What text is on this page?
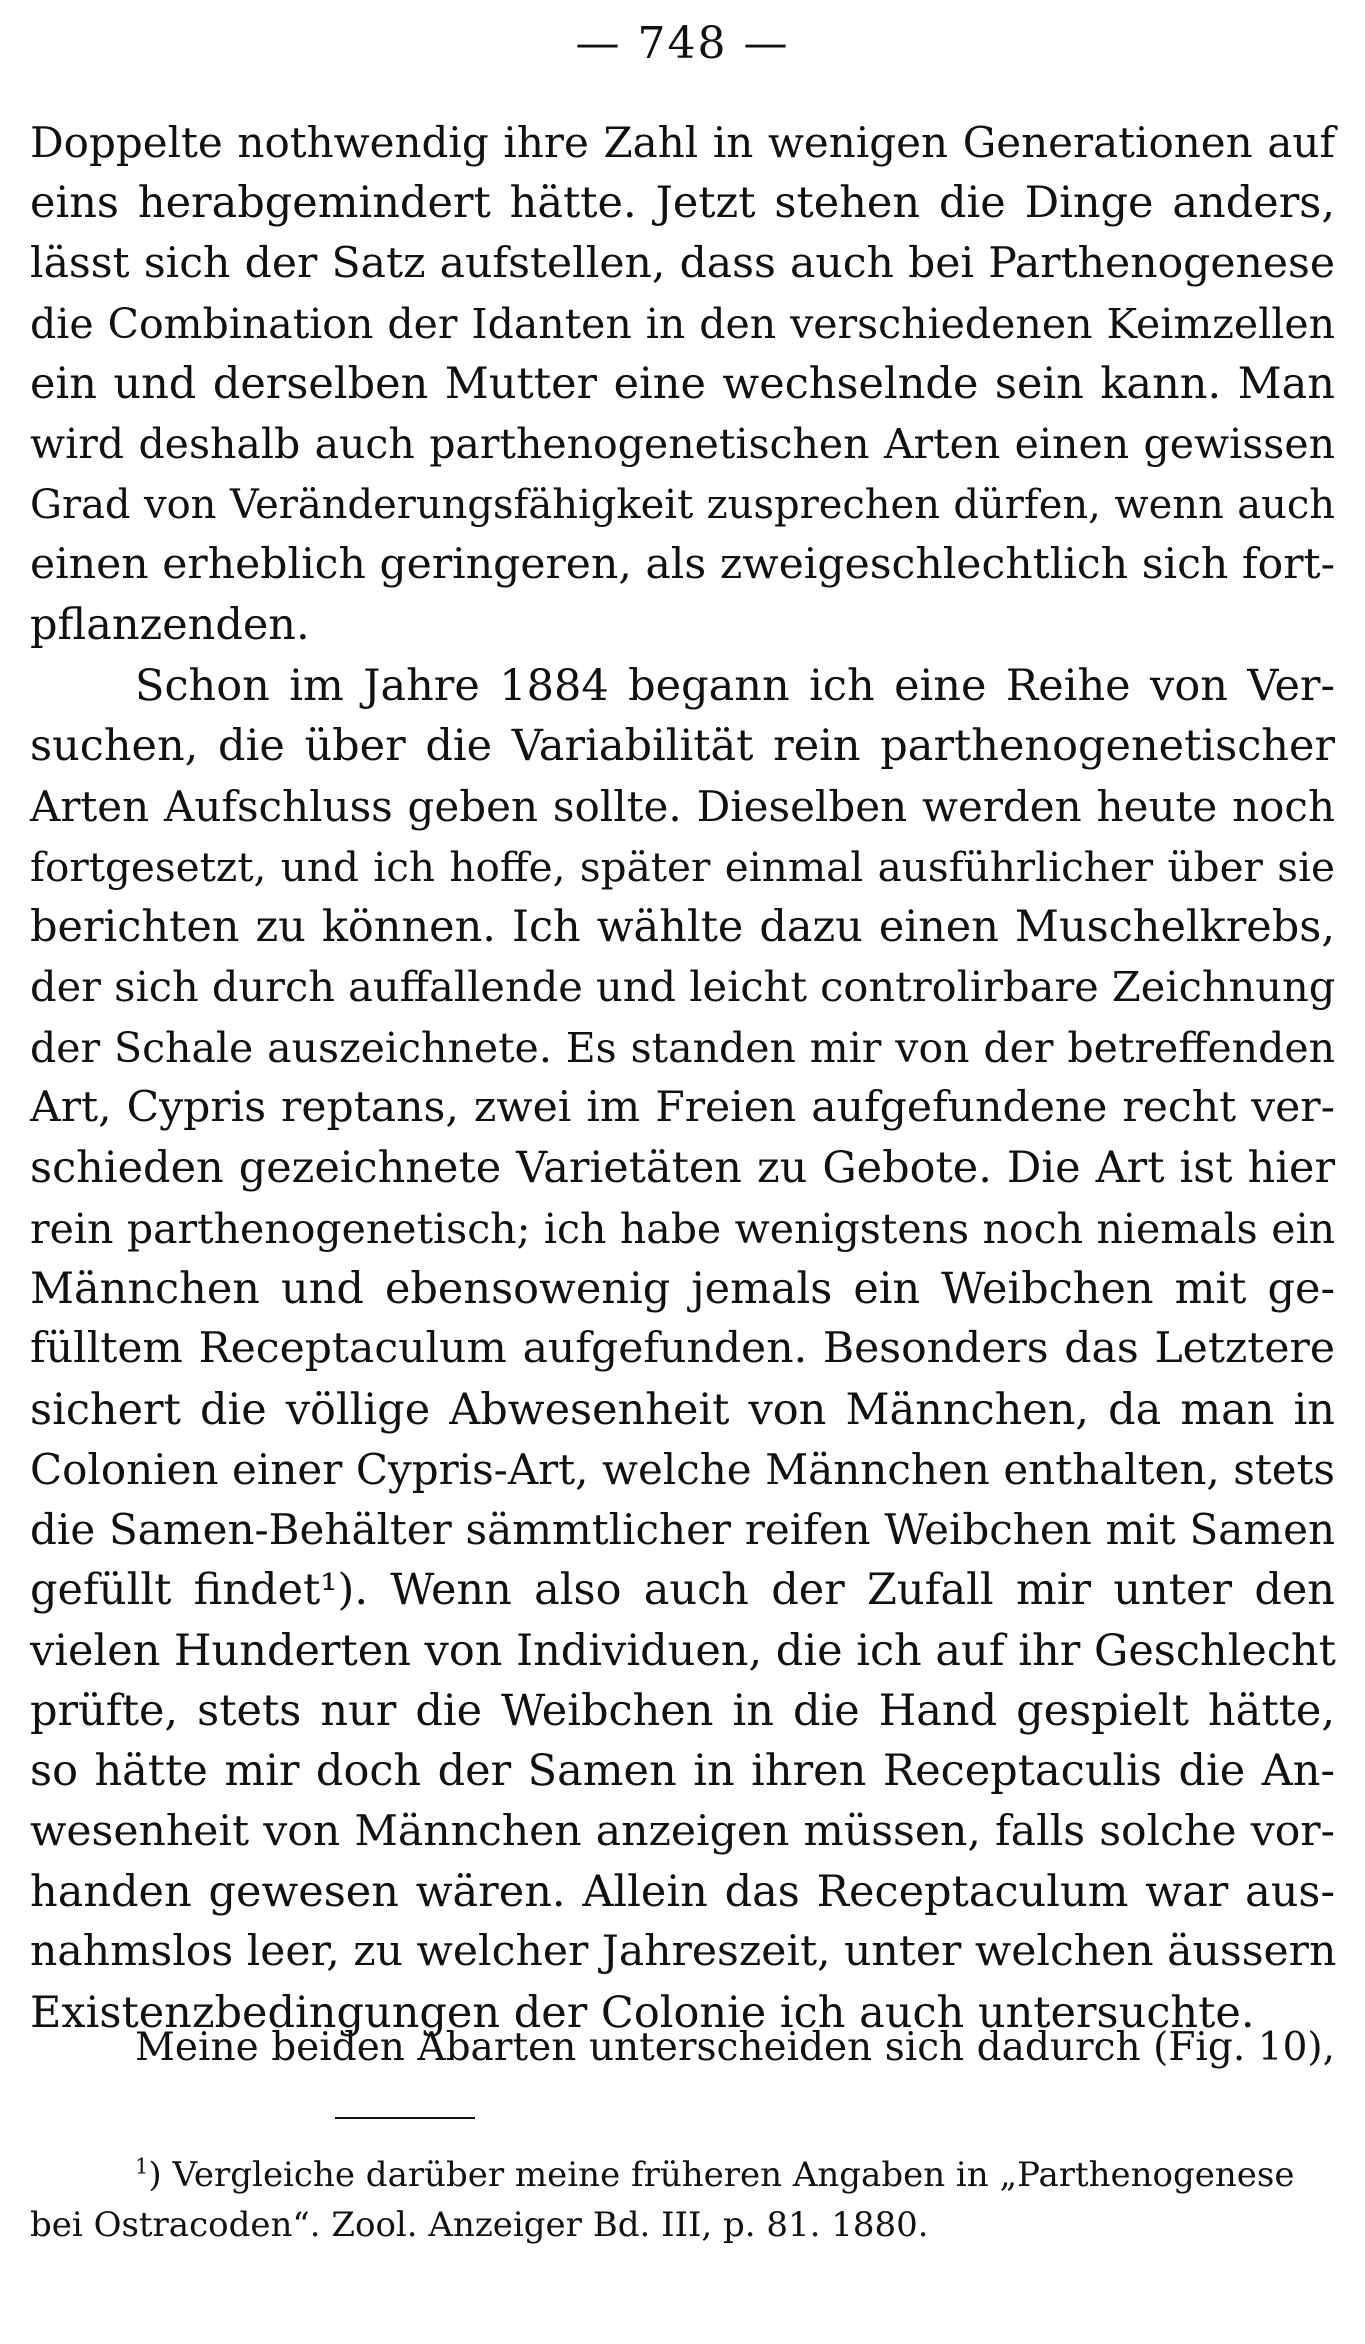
— 748 —
Doppelte nothwendig ihre Zahl in wenigen Generationen auf
eins herabgemindert hätte. Jetzt stehen die Dinge anders,
lässt sich der Satz aufstellen, dass auch bei Parthenogenese
die Combination der Idanten in den verschiedenen Keimzellen
ein und derselben Mutter eine wechselnde sein kann. Man
wird deshalb auch parthenogenetischen Arten einen gewissen
Grad von Veränderungsfähigkeit zusprechen dürfen, wenn auch
einen erheblich geringeren, als zweigeschlechtlich sich fort-
pflanzenden.
Schon im Jahre 1884 begann ich eine Reihe von Ver-
suchen, die über die Variabilität rein parthenogenetischer
Arten Aufschluss geben sollte. Dieselben werden heute noch
fortgesetzt, und ich hoffe, später einmal ausführlicher über sie
berichten zu können. Ich wählte dazu einen Muschelkrebs,
der sich durch auffallende und leicht controlirbare Zeichnung
der Schale auszeichnete. Es standen mir von der betreffenden
Art, Cypris reptans, zwei im Freien aufgefundene recht ver-
schieden gezeichnete Varietäten zu Gebote. Die Art ist hier
rein parthenogenetisch; ich habe wenigstens noch niemals ein
Männchen und ebensowenig jemals ein Weibchen mit ge-
fülltem Receptaculum aufgefunden. Besonders das Letztere
sichert die völlige Abwesenheit von Männchen, da man in
Colonien einer Cypris-Art, welche Männchen enthalten, stets
die Samen-Behälter sämmtlicher reifen Weibchen mit Samen
gefüllt findet¹). Wenn also auch der Zufall mir unter den
vielen Hunderten von Individuen, die ich auf ihr Geschlecht
prüfte, stets nur die Weibchen in die Hand gespielt hätte,
so hätte mir doch der Samen in ihren Receptaculis die An-
wesenheit von Männchen anzeigen müssen, falls solche vor-
handen gewesen wären. Allein das Receptaculum war aus-
nahmslos leer, zu welcher Jahreszeit, unter welchen äussern
Existenzbedingungen der Colonie ich auch untersuchte.
Meine beiden Abarten unterscheiden sich dadurch (Fig. 10),
$^1$) Vergleiche darüber meine früheren Angaben in „Parthenogenese
bei Ostracoden“. Zool. Anzeiger Bd. III, p. 81. 1880.
